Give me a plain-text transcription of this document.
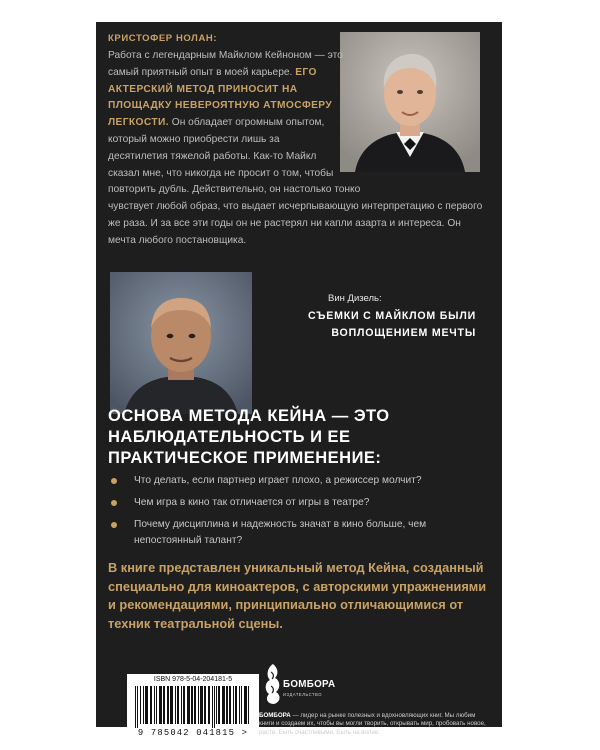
КРИСТОФЕР НОЛАН:
Работа с легендарным Майклом Кейноном — это самый приятный опыт в моей карьере. ЕГО АКТЕРСКИЙ МЕТОД ПРИНОСИТ НА ПЛОЩАДКУ НЕВЕРОЯТНУЮ АТМОСФЕРУ ЛЕГКОСТИ. Он обладает огромным опытом, который можно приобрести лишь за десятилетия тяжелой работы. Как-то Майкл сказал мне, что никогда не просит о том, чтобы повторить дубль. Действительно, он настолько тонко чувствует любой образ, что выдает исчерпывающую интерпретацию с первого же раза. И за все эти годы он не растерял ни капли азарта и интереса. Он мечта любого постановщика.
Вин Дизель:
СЪЕМКИ С МАЙКЛОМ БЫЛИ ВОПЛОЩЕНИЕМ МЕЧТЫ
ОСНОВА МЕТОДА КЕЙНА — ЭТО НАБЛЮДАТЕЛЬНОСТЬ И ЕЕ ПРАКТИЧЕСКОЕ ПРИМЕНЕНИЕ:
Что делать, если партнер играет плохо, а режиссер молчит?
Чем игра в кино так отличается от игры в театре?
Почему дисциплина и надежность значат в кино больше, чем непостоянный талант?
В книге представлен уникальный метод Кейна, созданный специально для киноактеров, с авторскими упражнениями и рекомендациями, принципиально отличающимися от техник театральной сцены.
ISBN 978-5-04-204181-5
9 785042 041815 >
БОМБОРА
ИЗДАТЕЛЬСТВО
БОМБОРА — лидер на рынке полезных и вдохновляющих книг. Мы любим книги и создаем их, чтобы вы могли творить, открывать мир, пробовать новое, расти. Быть счастливыми. Быть на волне.
